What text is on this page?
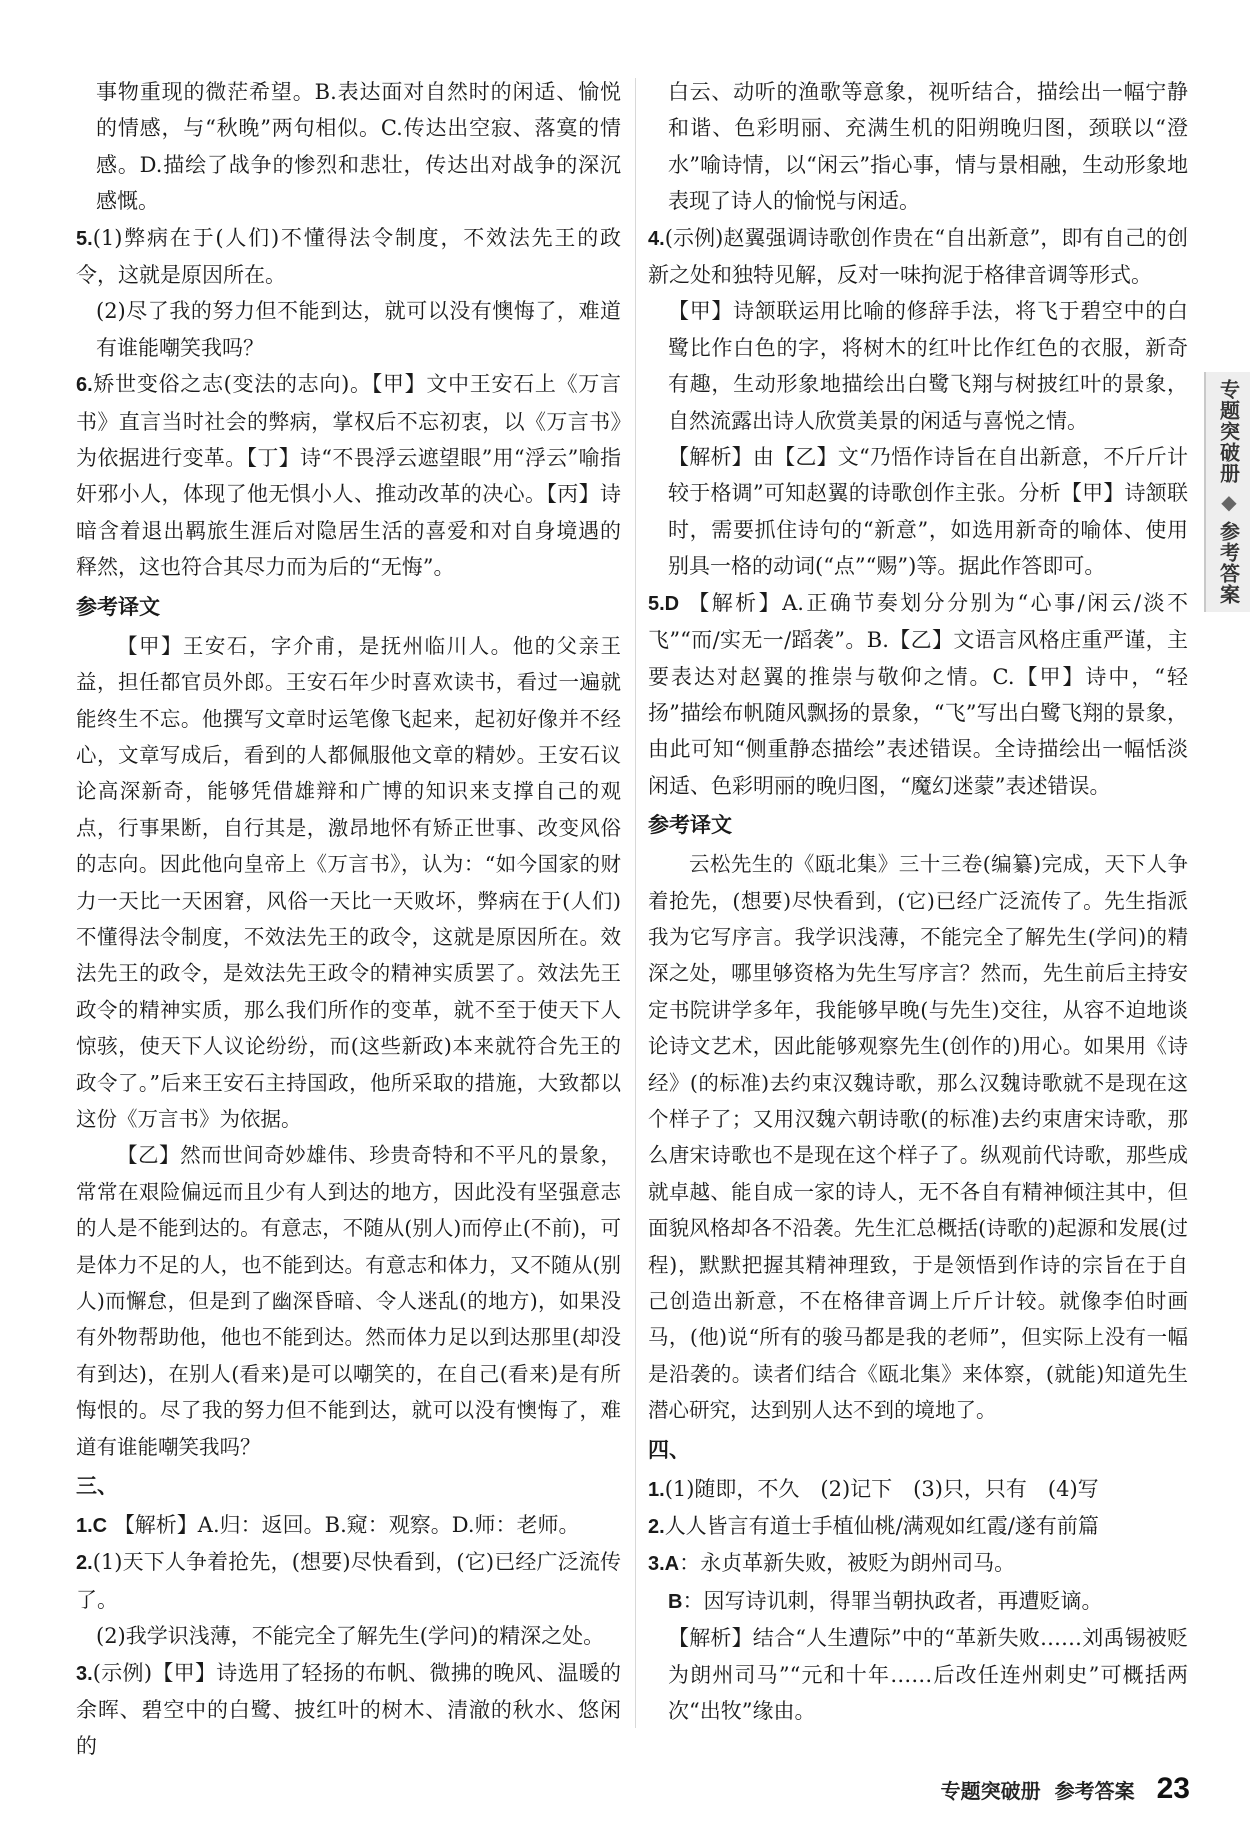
事物重现的微茫希望。B.表达面对自然时的闲适、愉悦的情感，与“秋晚”两句相似。C.传达出空寂、落寞的情感。D.描绘了战争的惨烈和悲壮，传达出对战争的深沉感慨。

5.(1)弊病在于(人们)不懂得法令制度，不效法先王的政令，这就是原因所在。

(2)尽了我的努力但不能到达，就可以没有懊悔了，难道有谁能嘲笑我吗？

6.矫世变俗之志(变法的志向)。【甲】文中王安石上《万言书》直言当时社会的弊病，掌权后不忘初衷，以《万言书》为依据进行变革。【丁】诗“不畏浮云遮望眼”用“浮云”喻指奸邪小人，体现了他无惧小人、推动改革的决心。【丙】诗暗含着退出羁旅生涯后对隐居生活的喜爱和对自身境遇的释然，这也符合其尽力而为后的“无悔”。

参考译文

【甲】王安石，字介甫，是抚州临川人。他的父亲王益，担任都官员外郎。王安石年少时喜欢读书，看过一遍就能终生不忘。他撰写文章时运笔像飞起来，起初好像并不经心，文章写成后，看到的人都佩服他文章的精妙。王安石议论高深新奇，能够凭借雄辩和广博的知识来支撑自己的观点，行事果断，自行其是，激昂地怀有矫正世事、改变风俗的志向。因此他向皇帝上《万言书》，认为：“如今国家的财力一天比一天困窘，风俗一天比一天败坏，弊病在于(人们)不懂得法令制度，不效法先王的政令，这就是原因所在。效法先王的政令，是效法先王政令的精神实质罢了。效法先王政令的精神实质，那么我们所作的变革，就不至于使天下人惊骇，使天下人议论纷纷，而(这些新政)本来就符合先王的政令了。”后来王安石主持国政，他所采取的措施，大致都以这份《万言书》为依据。

【乙】然而世间奇妙雄伟、珍贵奇特和不平凡的景象，常常在艰险偏远而且少有人到达的地方，因此没有坚强意志的人是不能到达的。有意志，不随从(别人)而停止(不前)，可是体力不足的人，也不能到达。有意志和体力，又不随从(别人)而懈怠，但是到了幽深昏暗、令人迷乱(的地方)，如果没有外物帮助他，他也不能到达。然而体力足以到达那里(却没有到达)，在别人(看来)是可以嘲笑的，在自己(看来)是有所悔恨的。尽了我的努力但不能到达，就可以没有懊悔了，难道有谁能嘲笑我吗？

三、

1.C 【解析】A.归：返回。B.窥：观察。D.师：老师。

2.(1)天下人争着抢先，(想要)尽快看到，(它)已经广泛流传了。

(2)我学识浅薄，不能完全了解先生(学问)的精深之处。

3.(示例)【甲】诗选用了轻扬的布帆、微拂的晚风、温暖的余晖、碧空中的白鹭、披红叶的树木、清澈的秋水、悠闲的

白云、动听的渔歌等意象，视听结合，描绘出一幅宁静和谐、色彩明丽、充满生机的阳朔晚归图，颈联以“澄水”喻诗情，以“闲云”指心事，情与景相融，生动形象地表现了诗人的愉悦与闲适。

4.(示例)赵翼强调诗歌创作贵在“自出新意”，即有自己的创新之处和独特见解，反对一味拘泥于格律音调等形式。

【甲】诗颔联运用比喻的修辞手法，将飞于碧空中的白鹭比作白色的字，将树木的红叶比作红色的衣服，新奇有趣，生动形象地描绘出白鹭飞翔与树披红叶的景象，自然流露出诗人欣赏美景的闲适与喜悦之情。

【解析】由【乙】文“乃悟作诗旨在自出新意，不斤斤计较于格调”可知赵翼的诗歌创作主张。分析【甲】诗颔联时，需要抓住诗句的“新意”，如选用新奇的喻体、使用别具一格的动词(“点”“赐”)等。据此作答即可。

5.D 【解析】A.正确节奏划分分别为“心事/闲云/淡不飞”“而/实无一/蹈袭”。B.【乙】文语言风格庄重严谨，主要表达对赵翼的推崇与敬仰之情。C.【甲】诗中，“轻扬”描绘布帆随风飘扬的景象，“飞”写出白鹭飞翔的景象，由此可知“侧重静态描绘”表述错误。全诗描绘出一幅恬淡闲适、色彩明丽的晚归图，“魔幻迷蒙”表述错误。

参考译文

云松先生的《瓯北集》三十三卷(编纂)完成，天下人争着抢先，(想要)尽快看到，(它)已经广泛流传了。先生指派我为它写序言。我学识浅薄，不能完全了解先生(学问)的精深之处，哪里够资格为先生写序言？然而，先生前后主持安定书院讲学多年，我能够早晚(与先生)交往，从容不迫地谈论诗文艺术，因此能够观察先生(创作的)用心。如果用《诗经》(的标准)去约束汉魏诗歌，那么汉魏诗歌就不是现在这个样子了；又用汉魏六朝诗歌(的标准)去约束唐宋诗歌，那么唐宋诗歌也不是现在这个样子了。纵观前代诗歌，那些成就卓越、能自成一家的诗人，无不各自有精神倾注其中，但面貌风格却各不沿袭。先生汇总概括(诗歌的)起源和发展(过程)，默默把握其精神理致，于是领悟到作诗的宗旨在于自己创造出新意，不在格律音调上斤斤计较。就像李伯时画马，(他)说“所有的骏马都是我的老师”，但实际上没有一幅是沿袭的。读者们结合《瓯北集》来体察，(就能)知道先生潜心研究，达到别人达不到的境地了。

四、

1.(1)随即，不久　(2)记下　(3)只，只有　(4)写

2.人人皆言有道士手植仙桃/满观如红霞/遂有前篇

3.A：永贞革新失败，被贬为朗州司马。

B：因写诗讥刺，得罪当朝执政者，再遭贬谪。

【解析】结合“人生遭际”中的“革新失败……刘禹锡被贬为朗州司马”“元和十年……后改任连州刺史”可概括两次“出牧”缘由。

专题突破册
◆
参考答案
专题突破册 参考答案 23
